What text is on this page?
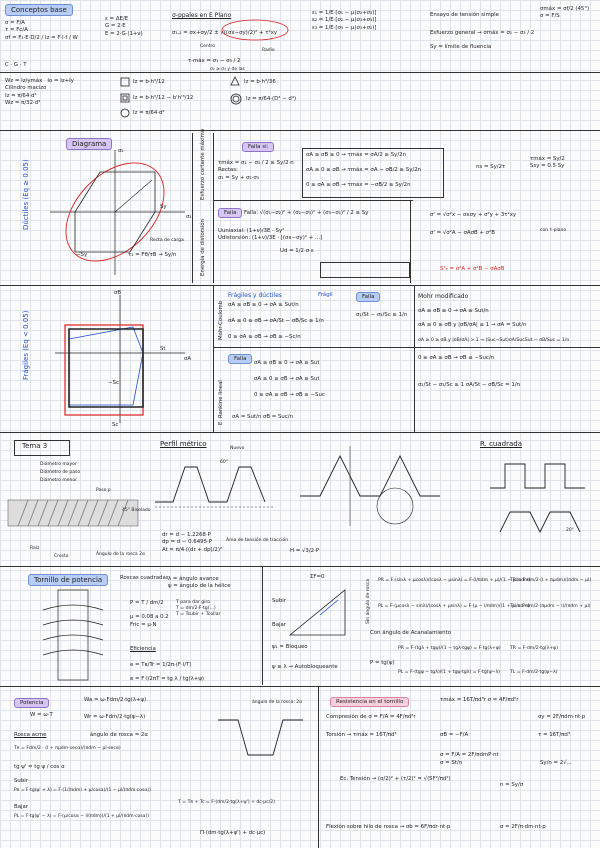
Conceptos base
σ = F/A
τ = Fc/A
σf = F₂·E·D/2 / Iz = F·l·f / W
C · G · T
ε = ΔE/E
G = 2·E
E = 2·G·(1+ν)
σ-ppales en E Plano
σ₁,₂ = σx+σy/2 ± √((σx−σy)/2)² + τ²xy
Centro
Radio
τ·máx = σ₁ − σ₃ / 2
σ₂ ≥ σ₃ y de las
ε₁ = 1/E·[σ₁ − μ(σ₂+σ₃)]
ε₂ = 1/E·[σ₂ − μ(σ₁+σ₃)]
ε₃ = 1/E·[σ₃ − μ(σ₁+σ₂)]
Ensayo de tensión simple
σmáx = σf/2 (45°)
σ = F/S
Esfuerzo general → σmáx = σ₁ − σ₃ / 2
Sy = límite de fluencia
Wz = Iz/ymáx   Io = Iz+Iy
Cilindro macizo
Iz = π/64·d⁴
Wz = π/32·d³
Iz = b·h³/12
Iz = b·h³/12 − b'h'³/12
Iz = π/64·d⁴
Iz = b·h³/36
Iz = π/64·(D⁴ − d⁴)
Dúctiles (Eq ≥ 0.05)
Diagrama
σ₂
σ₁
Sy
−Sy
Recta de carga
τ₁ = Fθ/τB → Sy/n
Esfuerzo cortante máximo
Energía de distorsión
Falla si:
τmáx = σ₁ − σ₃ / 2 ≥ Sy/2·n
Rectas:
σ₁ = Sy + σ₂·σ₃
σA ≥ σB ≥ 0 → τmáx = σA/2 ≥ Sy/2n
σA ≥ 0 ≥ σB → τmáx = σA − σB/2 ≥ Sy/2n
0 ≥ σA ≥ σB → τmáx = −σB/2 ≥ Sy/2n
ns = Sy/2τ
τmáx = Sy/2
Ssy = 0.5·Sy
Falla	Falla: √(σ₁−σ₂)² + (σ₂−σ₃)² + (σ₃−σ₁)² / 2 ≥ Sy
Uuniaxial: (1+ν)/3E · Sy²
Udistorsión: (1+ν)/3E · [(σx−σy)² + ...]
Ud = 1/2·σ·ε
σ' = √σ²x − σxσy + σ²y + 3τ²xy
σ' = √σ²A − σAσB + σ²B	con τ·plano
S²ₑ = σ²A + σ²B − σAσB
Frágiles (Eq < 0.05)
σB
σA
St
−Sc
Sc
Mohr-Coulomb
Frágiles y dúctiles	Frágil
σA ≥ σB ≥ 0 → σA ≥ Sut/n
σA ≥ 0 ≥ σB → σA/St − σB/Sc ≥ 1/n
0 ≥ σA ≥ σB → σB ≥ −Sc/n
Falla
σ₁/St − σ₃/Sc ≥ 1/n
Mohr modificado
σA ≥ σB ≥ 0 → σA ≥ Sut/n
σA ≥ 0 ≥ σB y |σB/σA| ≤ 1 → σA = Sut/n
σA ≥ 0 ≥ σB y |σB/σA| > 1 → (Suc−Sut)σA/SucSut − σB/Suc = 1/n
0 ≥ σA ≥ σB → σB ≤ −Suc/n
E. Rankine lineal
Falla
σA ≥ σB ≥ 0 → σA ≥ Sut
σA ≥ 0 ≥ σB → σA ≥ Sut
0 ≥ σA ≥ σB → σB ≥ −Suc
σA = Sut/n σB = Suc/n
σ₁/St − σ₃/Sc ≥ 1 σA/St − σB/Sc = 1/n
Tema 3
Diámetro mayor
Diámetro de paso
Diámetro menor
Paso p
45° Biselado
Raíz
Cresta	Ángulo de la rosca 2α
Perfil métrico
Nuevo
60°
dr = d − 1.2268·P
dp = d − 0.6495·P
At = π/4·((dr + dp)/2)²
Área de tensión de tracción
H = √3/2·P
R. cuadrada
20°
Tornillo de potencia	Roscas cuadradas λ = ángulo avance
ψ = ángulo de la hélice
P = T / dm/2
μ = 0.08 a 0.2
Fric = μ·N
T para dar giro
T = dm/2·F·tg(...)
T = Tsubir + Tcollar
Eficiencia
e = Tʙ/Tr = 1/2π·(F·l/T)
e = F·l/2πT = tg λ / tg(λ+ψ)
ΣF=0
Subir
Bajar
ψ₁ = Bloqueo
ψ ≥ λ → Autobloqueante
Sin ángulo de rosca PR = F·(sinλ + μcosλ)/(cosλ − μsinλ) = F·(l/πdm + μ)/(1 − μl/πdm)
PL = F·(μcosλ − sinλ)/(cosλ + μsinλ) = F·(μ − l/πdm)/(1 + μl/πdm)
TR = F·dm/2·(l + πμdm)/(πdm − μl)
TL = F·dm/2·(πμdm − l)/(πdm + μl)
Con ángulo de Acanalamiento
P = tg(ψ)
PR = F·(tgλ + tgψ)/(1 − tgλ·tgψ) = F·tg(λ+ψ)
PL = F·(tgψ − tgλ)/(1 + tgψ·tgλ) = F·tg(ψ−λ)
TR = F·dm/2·tg(λ+ψ)
TL = F·dm/2·tg(ψ−λ)
Potencia
W = ω·T
Wa = ω·Fdm/2·tg(λ+ψ)
Wr = ω·Fdm/2·tg(ψ−λ)
Rosca acme	ángulo de rosca = 2α
Tʀ = Fdm/2 · (l + πμdm·secα)/(πdm − μl·secα)
tg ψ' = tg ψ / cos α
Subir
Pʀ = F·tg(ψ' + λ) = F·(1/(πdm) + μ/cosα)/(1 − μl/(πdm·cosα))
Bajar
PL = F·tg(ψ' − λ) = F·(μ/cosα − l/(πdm))/(1 + μl/(πdm·cosα))
ángulo de la rosca: 2α
T = Tʀ + Tc = F·(dm/2·tg(λ+ψ') + dc·μc/2)
Π·(dm·tg(λ+ψ') + dc·μc)
Resistencia en el tornillo	τmáx = 16T/πd³r σ = 4F/πd²r
Compresión de σ = F/A = 4F/πd²r
Torsión → τmáx = 16T/πd³
σ = F/A = 2F/πdmP·nt
Ec. Tensión → (σ/2)² + (τ/2)² = √(5F²/πd²)
Flexión sobre hilo de rosca → σb = 6F/πdr·nt·p
σy = 2F/πdm·nt·p
τ = 16T/πd³
σB = −F/A
σ = St/n	Sy/n = 2√...
n = Sy/σ
σ = 2F/π·dm·nt·p
